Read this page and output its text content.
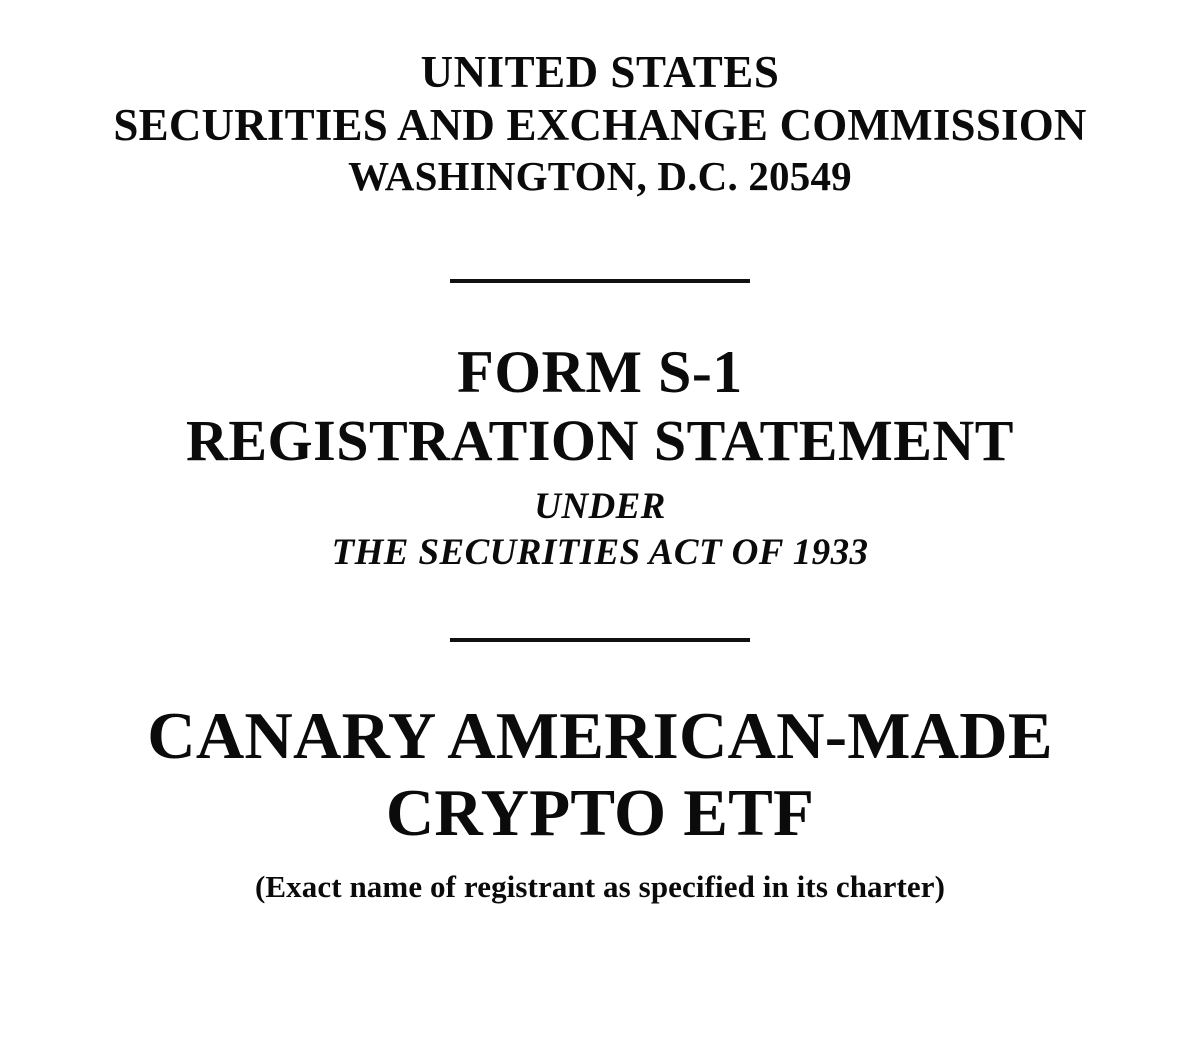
UNITED STATES
SECURITIES AND EXCHANGE COMMISSION
WASHINGTON, D.C. 20549
FORM S-1
REGISTRATION STATEMENT
UNDER
THE SECURITIES ACT OF 1933
CANARY AMERICAN-MADE
CRYPTO ETF
(Exact name of registrant as specified in its charter)
